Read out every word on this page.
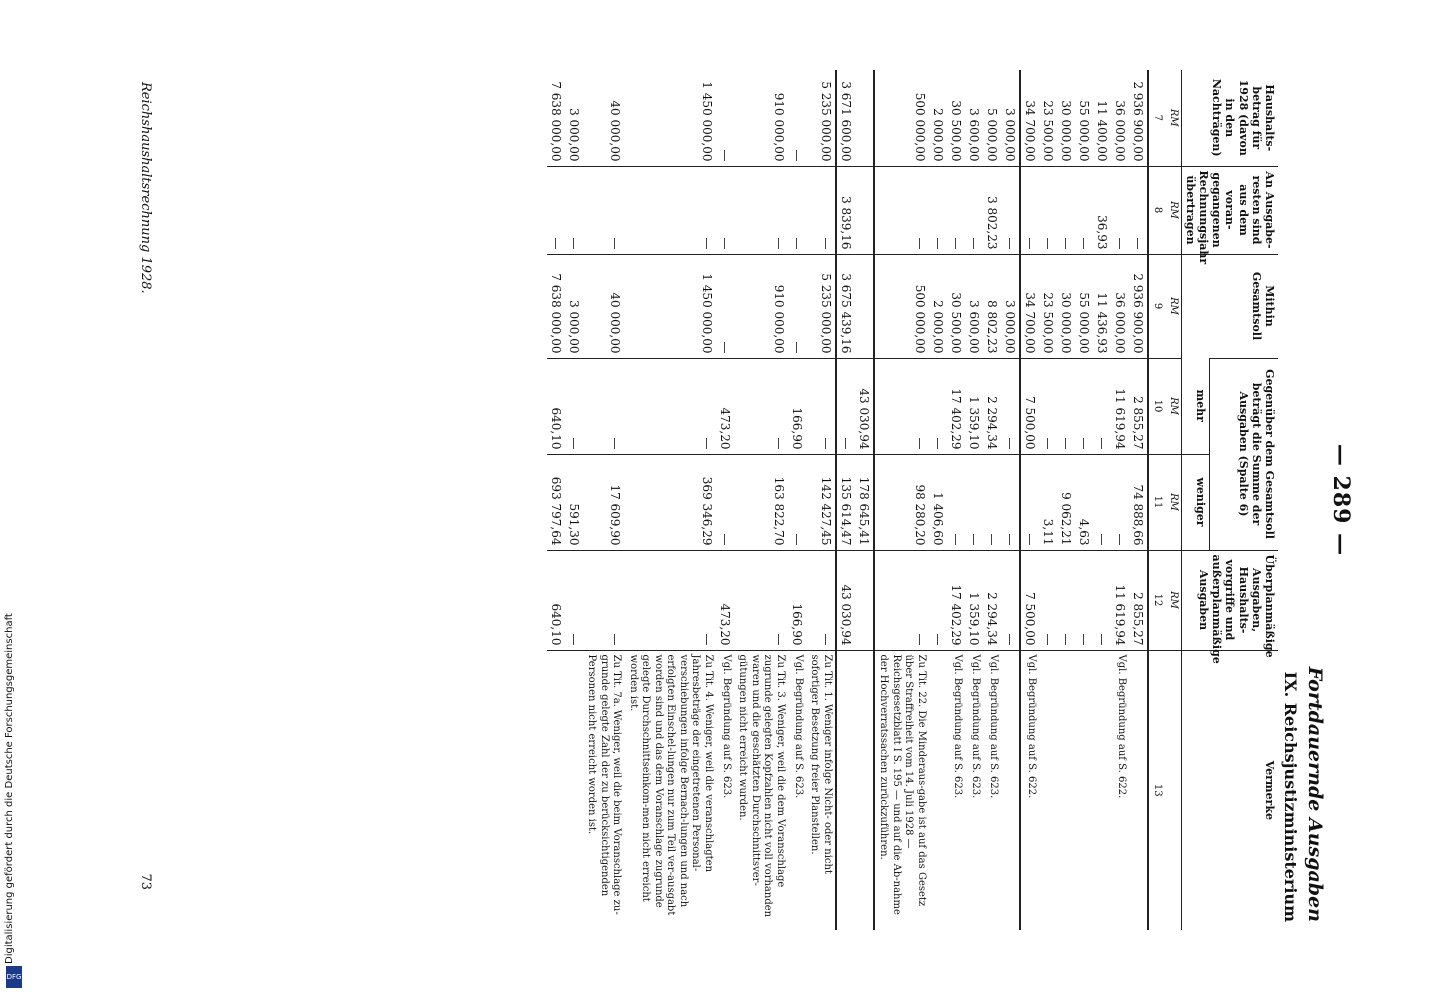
— 289 —
Fortdauernde Ausgaben
IX. Reichsjustizministerium
Haushalts-betrag für 1928 (davon in den Nachträgen)	An Ausgabe-resten sind aus dem voran-gegangenen Rechnungsjahr übertragen	Mithin Gesamtsoll	Gegenüber dem Gesamtsoll beträgt die Summe der Ausgaben (Spalte 6)		Überplanmäßige Ausgaben, Haushalts-vorgriffe und außerplanmäßige Ausgaben	Vermerke
			mehr	weniger		
RM	RM	RM	RM	RM	RM	
7	8	9	10	11	12	13
2 936 900,00	—	2 936 900,00	2 855,27	74 888,66	2 855,27	
36 000,00	—	36 000,00	11 619,94	—	11 619,94	Vgl. Begründung auf S. 622.
11 400,00	36,93	11 436,93	—	—	—	
55 000,00	—	55 000,00	—	4,63	—	
30 000,00	—	30 000,00	—	9 062,21	—	
23 500,00	—	23 500,00	—	3,11	—	
34 700,00	—	34 700,00	7 500,00	—	7 500,00	Vgl. Begründung auf S. 622.
3 000,00	—	3 000,00	—	—	—	
5 000,00	3 802,23	8 802,23	2 294,34	—	2 294,34	Vgl. Begründung auf S. 623.
3 600,00	—	3 600,00	1 359,10	—	1 359,10	Vgl. Begründung auf S. 623.
30 500,00	—	30 500,00	17 402,29	—	17 402,29	Vgl. Begründung auf S. 623.
2 000,00	—	2 000,00	—	1 406,60	—	
500 000,00	—	500 000,00	—	98 280,20	—	Zu Tit. 22. Die Minderaus-gabe ist auf das Gesetz über Straffreiheit vom 14. Juli 1928 — Reichsgesetzblatt I S. 195 — und auf die Ab-nahme der Hochverratssachen zurückzuführen.
			43 030,94	178 645,41		
3 671 600,00	3 839,16	3 675 439,16	—	135 614,47	43 030,94	
5 235 000,00	—	5 235 000,00	—	142 427,45	—	Zu Tit. 1. Weniger infolge Nicht- oder nicht sofortiger Besetzung freier Planstellen.
—	—	—	166,90	—	166,90	Vgl. Begründung auf S. 623.
910 000,00	—	910 000,00	—	163 822,70	—	Zu Tit. 3. Weniger, weil die dem Voranschlage zugrunde gelegten Kopfzahlen nicht voll vorhanden waren und die geschätzten Durchschnittsver-gütungen nicht erreicht wurden.
—	—	—	473,20	—	473,20	Vgl. Begründung auf S. 623.
1 450 000,00	—	1 450 000,00	—	369 346,29	—	Zu Tit. 4. Weniger, weil die veranschlagten Jahresbeträge der eingetretenen Personal-verschiebungen infolge Bernach-lungen und nach erfolgten Einschel-lungen nur zum Teil ver-ausgabt worden sind und das dem Voranschlage zugrunde gelegte Durchschnittseinkom-men nicht erreicht worden ist.
40 000,00	—	40 000,00	—	17 609,90	—	Zu Tit. 7a. Weniger, weil die beim Voranschlage zu-grunde gelegte Zahl der zu berücksichtigenden Personen nicht erreicht worden ist.
3 000,00	—	3 000,00	—	591,30	—	
7 638 000,00	—	7 638 000,00	640,10	693 797,64	640,10	
Reichshaushaltsrechnung 1928.
73
Digitalisierung gefördert durch die Deutsche Forschungsgemeinschaft
DFG
